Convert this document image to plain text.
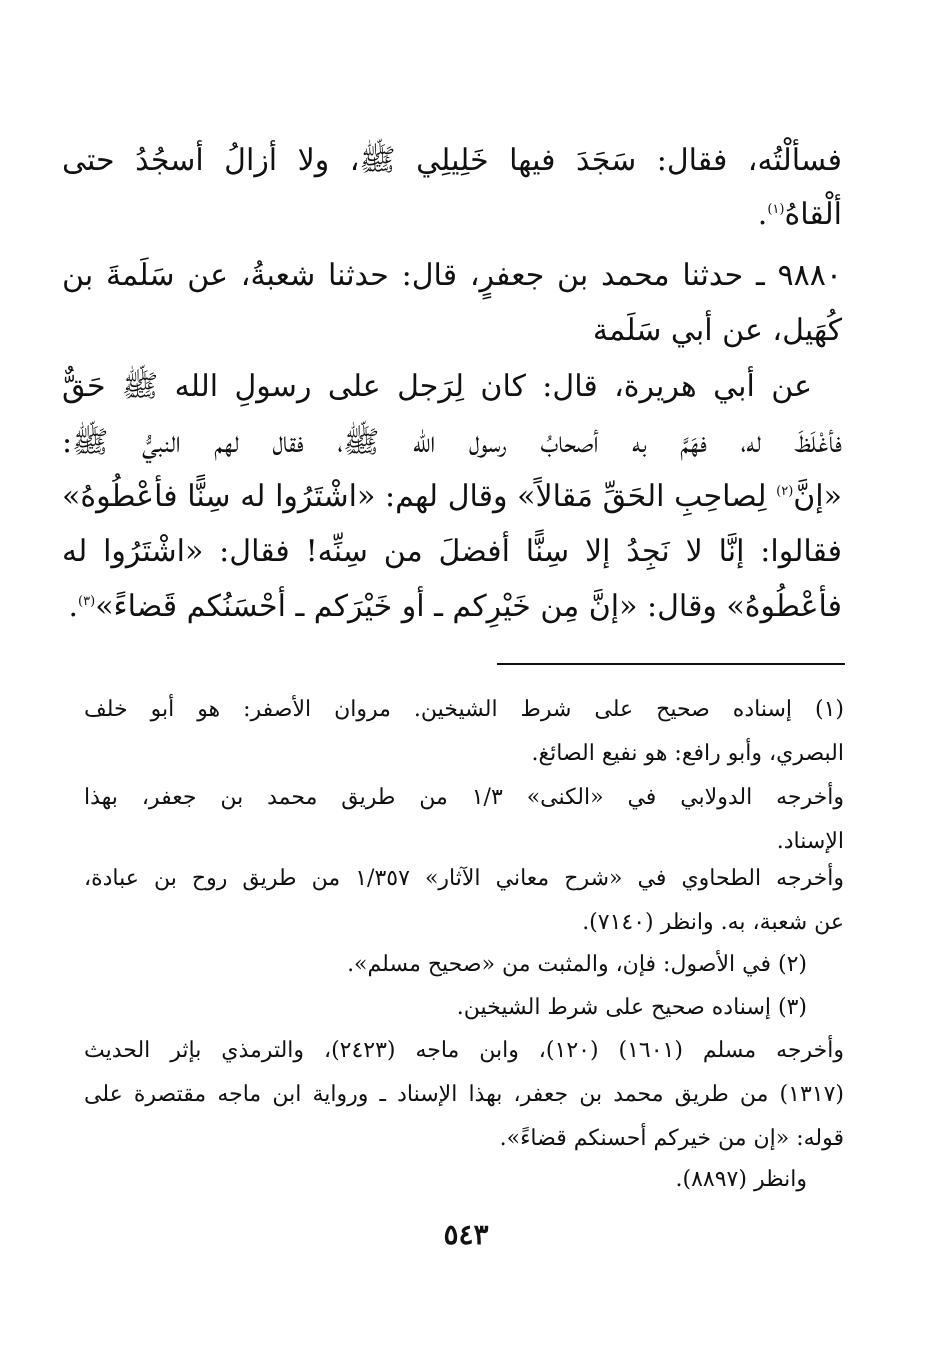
فسألْتُه، فقال: سَجَدَ فيها خَلِيلِي ﷺ، ولا أزالُ أسجُدُ حتى
ألْقاهُ$^{(١)}$.
٩٨٨٠ ـ حدثنا محمد بن جعفرٍ، قال: حدثنا شعبةُ، عن سَلَمةَ بن
كُهَيل، عن أبي سَلَمة
عن أبي هريرة، قال: كان لِرَجل على رسولِ الله ﷺ حَقٌّ
فأغْلَظَ له، فهَمَّ به أصحابُ رسول الله ﷺ، فقال لهم النبيُّ ﷺ:
«إنَّ$^{(٢)}$ لِصاحِبِ الحَقِّ مَقالاً» وقال لهم: «اشْتَرُوا له سِنًّا فأعْطُوهُ»
فقالوا: إنَّا لا نَجِدُ إلا سِنًّا أفضلَ من سِنِّه! فقال: «اشْتَرُوا له
فأعْطُوهُ» وقال: «إنَّ مِن خَيْرِكم ـ أو خَيْرَكم ـ أحْسَنُكم قَضاءً»$^{(٣)}$.
(١) إسناده صحيح على شرط الشيخين. مروان الأصفر: هو أبو خلف
البصري، وأبو رافع: هو نفيع الصائغ.
وأخرجه الدولابي في «الكنى» ١/٣ من طريق محمد بن جعفر، بهذا
الإسناد.
وأخرجه الطحاوي في «شرح معاني الآثار» ١/٣٥٧ من طريق روح بن عبادة،
عن شعبة، به. وانظر (٧١٤٠).
(٢) في الأصول: فإن، والمثبت من «صحيح مسلم».
(٣) إسناده صحيح على شرط الشيخين.
وأخرجه مسلم (١٦٠١) (١٢٠)، وابن ماجه (٢٤٢٣)، والترمذي بإثر الحديث
(١٣١٧) من طريق محمد بن جعفر، بهذا الإسناد ـ ورواية ابن ماجه مقتصرة على
قوله: «إن من خيركم أحسنكم قضاءً».
وانظر (٨٨٩٧).
٥٤٣
